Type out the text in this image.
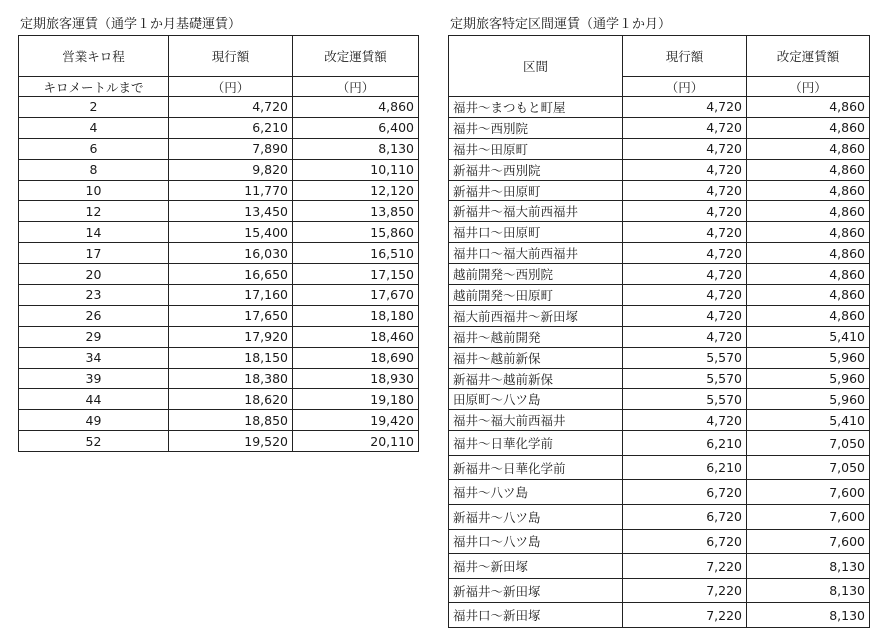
定期旅客運賃（通学１か月基礎運賃）
営業キロ程	現行額	改定運賃額
キロメートルまで	（円）	（円）
2	4,720	4,860
4	6,210	6,400
6	7,890	8,130
8	9,820	10,110
10	11,770	12,120
12	13,450	13,850
14	15,400	15,860
17	16,030	16,510
20	16,650	17,150
23	17,160	17,670
26	17,650	18,180
29	17,920	18,460
34	18,150	18,690
39	18,380	18,930
44	18,620	19,180
49	18,850	19,420
52	19,520	20,110
定期旅客特定区間運賃（通学１か月）
区間	現行額	改定運賃額
	（円）	（円）
福井～まつもと町屋	4,720	4,860
福井～西別院	4,720	4,860
福井～田原町	4,720	4,860
新福井～西別院	4,720	4,860
新福井～田原町	4,720	4,860
新福井～福大前西福井	4,720	4,860
福井口～田原町	4,720	4,860
福井口～福大前西福井	4,720	4,860
越前開発～西別院	4,720	4,860
越前開発～田原町	4,720	4,860
福大前西福井～新田塚	4,720	4,860
福井～越前開発	4,720	5,410
福井～越前新保	5,570	5,960
新福井～越前新保	5,570	5,960
田原町～八ツ島	5,570	5,960
福井～福大前西福井	4,720	5,410
福井～日華化学前	6,210	7,050
新福井～日華化学前	6,210	7,050
福井～八ツ島	6,720	7,600
新福井～八ツ島	6,720	7,600
福井口～八ツ島	6,720	7,600
福井～新田塚	7,220	8,130
新福井～新田塚	7,220	8,130
福井口～新田塚	7,220	8,130
